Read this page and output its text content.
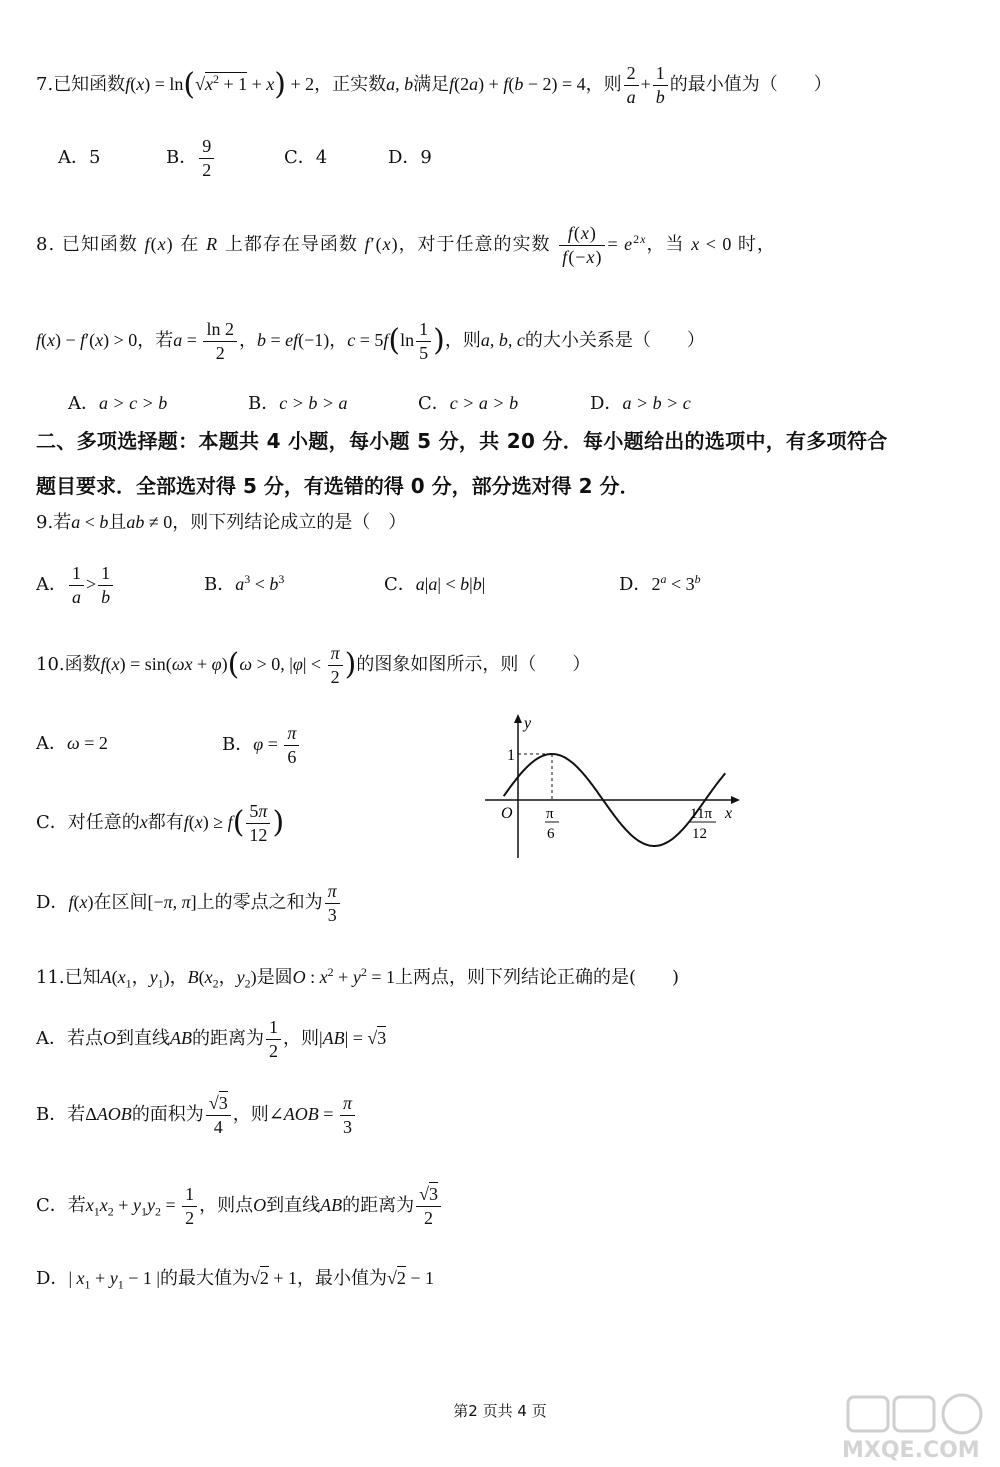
7.已知函数$f(x) = \ln(√x^2 + 1 + x) + 2$，正实数a, b满足f(2a) + f(b − 2) = 4，则 $\frac{2}{a} + \frac{1}{b}$ 的最小值为（　　）
A．5	B． $\frac{9}{2}$	C．4	D．9
8. 已知函数 f(x) 在 R 上都存在导函数 f′(x)，对于任意的实数 $\frac{f(x)}{f(-x)} = e^{2x}$，当 x < 0 时，
f(x) − f′(x) > 0，若$a = \frac{\ln 2}{2}$ ，b = ef(−1)，$c = 5f(\ln \frac{1}{5}$ )，则a, b, c的大小关系是（　　）
A．a > c > b	B．c > b > a	C．c > a > b	D．a > b > c
二、多项选择题：本题共 4 小题，每小题 5 分，共 20 分．每小题给出的选项中，有多项符合
题目要求．全部选对得 5 分，有选错的得 0 分，部分选对得 2 分．
9.若a < b且ab ≠ 0，则下列结论成立的是（　）
A． $\frac{1}{a} > \frac{1}{b}$	B．$a^3 < b^3$	C．a|a| < b|b|	D．$2^a < 3^b$
10.函数f(x) = sin(ωx + φ)(ω > 0, $|\varphi| < \frac{\pi}{2}$ )的图象如图所示，则（　　）
A．ω = 2	B．$\varphi = \frac{\pi}{6}$
C．对任意的x都有$f(x) \ge f( \frac{5\pi}{12}$ )
D．f(x)在区间[−π, π]上的零点之和为 $\frac{\pi}{3}$
y
x
O
1
π
6
11π
12
11.已知$A(x_1$，$y_1$)，$B(x_2$，$y_2$)是圆O : $x^2 + y^2 = 1$上两点，则下列结论正确的是(　　)
A．若点O到直线AB的距离为 $\frac{1}{2}$ ，则|AB| = √3
B．若ΔAOB的面积为 $\frac{√3}{4}$ ，则∠AOB = $\frac{\pi}{3}$
C．若$x_1x_2 + y_1y_2 = \frac{1}{2}$ ，则点O到直线AB的距离为 $\frac{√3}{2}$
D．| $x_1 + y_1 - 1$ |的最大值为√2 + 1，最小值为√2 − 1
第2 页共 4 页
MXQE.COM
